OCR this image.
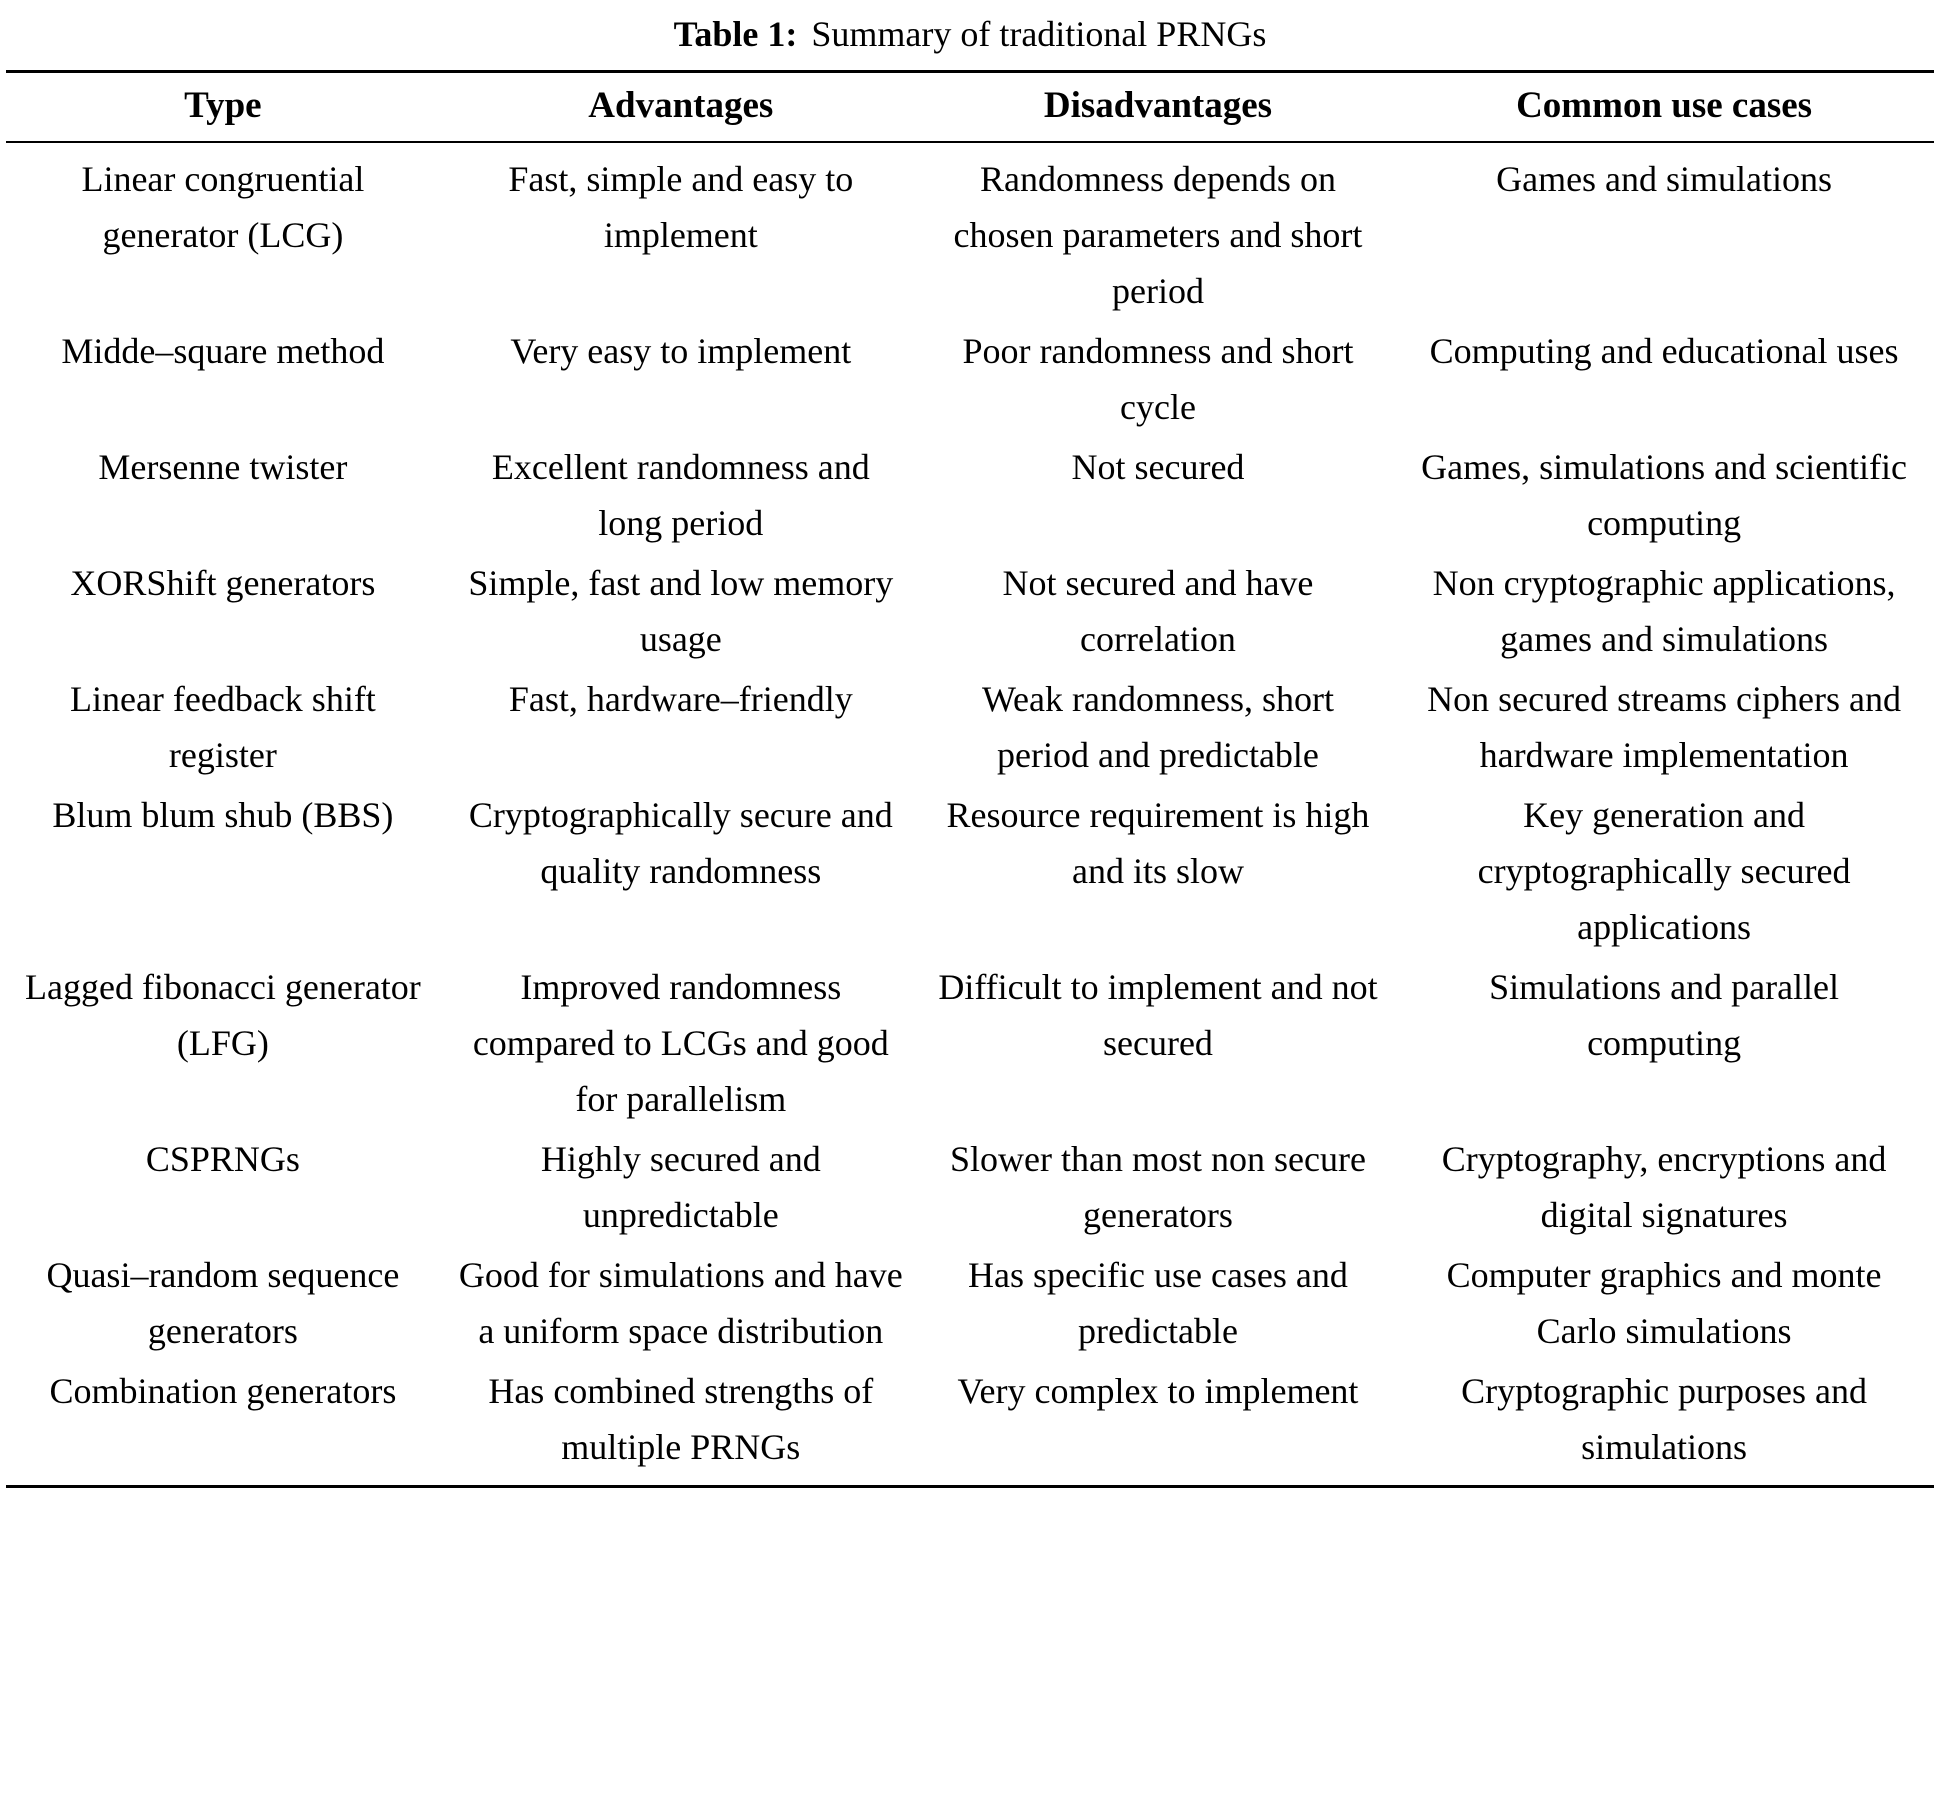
Table 1: Summary of traditional PRNGs
Type	Advantages	Disadvantages	Common use cases
Linear congruential generator (LCG)	Fast, simple and easy to implement	Randomness depends on chosen parameters and short period	Games and simulations
Midde–square method	Very easy to implement	Poor randomness and short cycle	Computing and educational uses
Mersenne twister	Excellent randomness and long period	Not secured	Games, simulations and scientific computing
XORShift generators	Simple, fast and low memory usage	Not secured and have correlation	Non cryptographic applications, games and simulations
Linear feedback shift register	Fast, hardware–friendly	Weak randomness, short period and predictable	Non secured streams ciphers and hardware implementation
Blum blum shub (BBS)	Cryptographically secure and quality randomness	Resource requirement is high and its slow	Key generation and cryptographically secured applications
Lagged fibonacci generator (LFG)	Improved randomness compared to LCGs and good for parallelism	Difficult to implement and not secured	Simulations and parallel computing
CSPRNGs	Highly secured and unpredictable	Slower than most non secure generators	Cryptography, encryptions and digital signatures
Quasi–random sequence generators	Good for simulations and have a uniform space distribution	Has specific use cases and predictable	Computer graphics and monte Carlo simulations
Combination generators	Has combined strengths of multiple PRNGs	Very complex to implement	Cryptographic purposes and simulations
